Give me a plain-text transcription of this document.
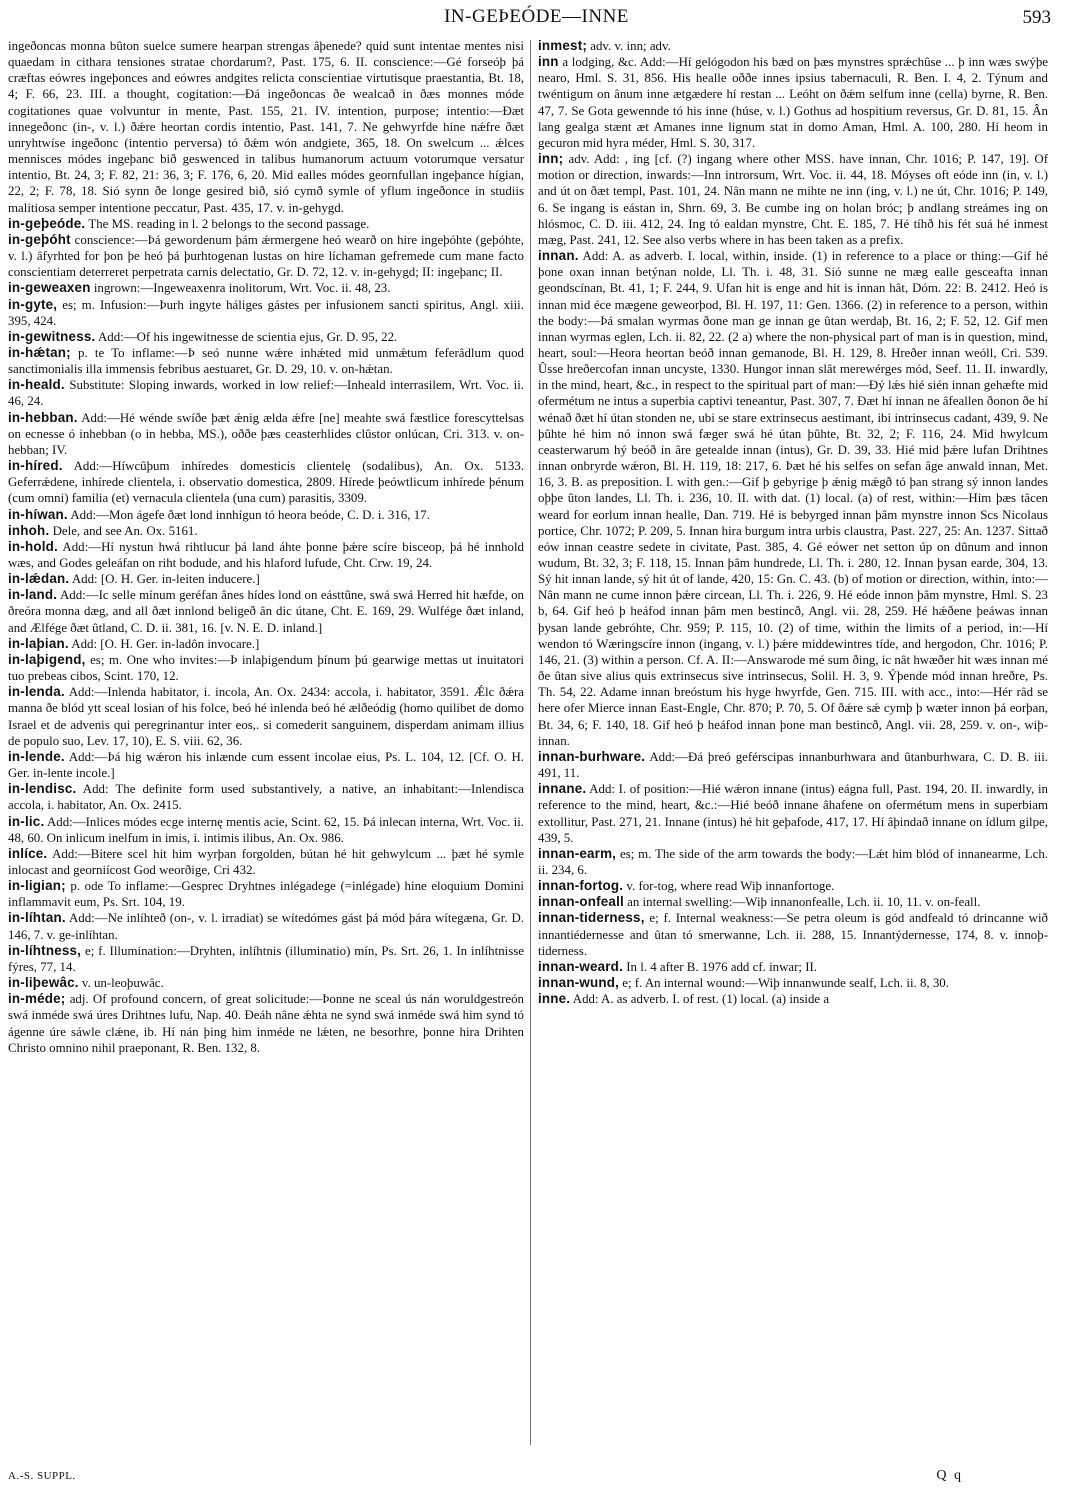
IN-GEÞEÓDE—INNE	593

ingeðoncas monna bûton suelce sumere hearpan strengas âþenede? quid sunt intentae mentes nisi quaedam in cithara tensiones stratae chordarum?, Past. 175, 6. II. conscience:—Gé forseóþ þá cræftas eówres ingeþonces and eówres andgites relicta conscientiae virtutisque praestantia, Bt. 18, 4; F. 66, 23. III. a thought, cogitation:—Đá ingeðoncas ðe wealcað in ðæs monnes móde cogitationes quae volvuntur in mente, Past. 155, 21. IV. intention, purpose; intentio:—Đæt innegeðonc (in-, v. l.) ðǽre heortan cordis intentio, Past. 141, 7. Ne gehwyrfde hine nǽfre ðæt unryhtwíse ingeðonc (intentio perversa) tó ðǽm wón andgiete, 365, 18. On swelcum ... ǽlces mennisces módes ingeþanc bið geswenced in talibus humanorum actuum votorumque versatur intentio, Bt. 24, 3; F. 82, 21: 36, 3; F. 176, 6, 20. Mid ealles módes geornfullan ingeþance hígian, 22, 2; F. 78, 18. Sió synn ðe longe gesired bið, sió cymð symle of yflum ingeðonce in studiis malitiosa semper intentione peccatur, Past. 435, 17. v. in-gehygd.

in-geþeóde. The MS. reading in l. 2 belongs to the second passage.

in-geþóht conscience:—Þá gewordenum þám ǽrmergene heó wearð on hire ingeþóhte (geþóhte, v. l.) âfyrhted for þon þe heó þá þurhtogenan lustas on hire líchaman gefremede cum mane facto conscientiam deterreret perpetrata carnis delectatio, Gr. D. 72, 12. v. in-gehygd; II: ingeþanc; II.

in-geweaxen ingrown:—Ingeweaxenra inolitorum, Wrt. Voc. ii. 48, 23.

in-gyte, es; m. Infusion:—Þurh ingyte háliges gástes per infusionem sancti spiritus, Angl. xiii. 395, 424.

in-gewitness. Add:—Of his ingewitnesse de scientia ejus, Gr. D. 95, 22.

in-hǽtan; p. te To inflame:—Þ seó nunne wǽre inhǽted mid unmǽtum feferâdlum quod sanctimonialis illa immensis febribus aestuaret, Gr. D. 29, 10. v. on-hǽtan.

in-heald. Substitute: Sloping inwards, worked in low relief:—Inheald interrasilem, Wrt. Voc. ii. 46, 24.

in-hebban. Add:—Hé wénde swíðe þæt ǽnig ælda ǽfre [ne] meahte swá fæstlice forescyttelsas on ecnesse ó inhebban (o in hebba, MS.), oððe þæs ceasterhlides clûstor onlúcan, Cri. 313. v. on-hebban; IV.

in-híred. Add:—Híwcûþum inhíredes domesticis clientelę (sodalibus), An. Ox. 5133. Geferrǽdene, inhírede clientela, i. observatio domestica, 2809. Hírede þeówtlicum inhírede þénum (cum omni) familia (et) vernacula clientela (una cum) parasitis, 3309.

in-híwan. Add:—Mon ágefe ðæt lond innhígun tó heora beóde, C. D. i. 316, 17.

inhoh. Dele, and see An. Ox. 5161.

in-hold. Add:—Hí nystun hwá rihtlucur þá land áhte þonne þǽre scíre bisceop, þá hé innhold wæs, and Godes geleáfan on riht bodude, and his hlaford lufude, Cht. Crw. 19, 24.

in-lǽdan. Add: [O. H. Ger. in-leiten inducere.]

in-land. Add:—Ic selle mínum geréfan ânes hídes lond on eásttûne, swá swá Herred hit hæfde, on ðreóra monna dæg, and all ðæt innlond beligeð ân dic útane, Cht. E. 169, 29. Wulfége ðæt inland, and Ælfége ðæt ûtland, C. D. ii. 381, 16. [v. N. E. D. inland.]

in-laþian. Add: [O. H. Ger. in-ladôn invocare.]

in-laþigend, es; m. One who invites:—Þ inlaþigendum þínum þú gearwige mettas ut inuitatori tuo prebeas cibos, Scint. 170, 12.

in-lenda. Add:—Inlenda habitator, i. incola, An. Ox. 2434: accola, i. habitator, 3591. Ǽlc ðǽra manna ðe blód ytt sceal losian of his folce, beó hé inlenda beó hé ælðeódig (homo quilibet de domo Israel et de advenis qui peregrinantur inter eos,. si comederit sanguinem, disperdam animam illius de populo suo, Lev. 17, 10), E. S. viii. 62, 36.

in-lende. Add:—Þá hig wǽron his inlænde cum essent incolae eius, Ps. L. 104, 12. [Cf. O. H. Ger. in-lente incole.]

in-lendisc. Add: The definite form used substantively, a native, an inhabitant:—Inlendisca accola, i. habitator, An. Ox. 2415.

in-lic. Add:—Inlices módes ecge internę mentis acie, Scint. 62, 15. Þá inlecan interna, Wrt. Voc. ii. 48, 60. On inlicum inelfum in imis, i. intimis ilibus, An. Ox. 986.

inlíce. Add:—Bitere scel hit him wyrþan forgolden, bútan hé hit gehwylcum ... þæt hé symle inlocast and georniícost God weorðige, Cri 432.

in-ligian; p. ode To inflame:—Gesprec Dryhtnes inlégadege (=inlégade) hine eloquium Domini inflammavit eum, Ps. Srt. 104, 19.

in-líhtan. Add:—Ne inlíhteð (on-, v. l. irradiat) se wítedómes gást þá mód þára wítegæna, Gr. D. 146, 7. v. ge-inlíhtan.

in-líhtness, e; f. Illumination:—Dryhten, inlíhtnis (illuminatio) mín, Ps. Srt. 26, 1. In inlíhtnisse fýres, 77, 14.

in-liþewâc. v. un-leoþuwâc.

in-méde; adj. Of profound concern, of great solicitude:—Þonne ne sceal ús nán woruldgestreón swá inméde swá úres Drihtnes lufu, Nap. 40. Ðeáh nâne ǽhta ne synd swá inméde swá him synd tó ágenne úre sáwle clǽne, ib. Hí nán þing him inméde ne lǽten, ne besorhre, þonne hira Drihten Christo omnino nihil praeponant, R. Ben. 132, 8.

inmest; adv. v. inn; adv.

inn a lodging, &c. Add:—Hí gelógodon his bæd on þæs mynstres sprǽchûse ... þ inn wæs swýþe nearo, Hml. S. 31, 856. His healle oððe innes ipsius tabernaculi, R. Ben. I. 4, 2. Týnum and twéntigum on ânum inne ætgædere hí restan ... Leóht on ðǽm selfum inne (cella) byrne, R. Ben. 47, 7. Se Gota gewennde tó his inne (húse, v. l.) Gothus ad hospitium reversus, Gr. D. 81, 15. Ân lang gealga stænt æt Amanes inne lignum stat in domo Aman, Hml. A. 100, 280. Hí heom in gecuron mid hyra méder, Hml. S. 30, 317.

inn; adv. Add: , ing [cf. (?) ingang where other MSS. have innan, Chr. 1016; P. 147, 19]. Of motion or direction, inwards:—Inn introrsum, Wrt. Voc. ii. 44, 18. Móyses oft eóde inn (in, v. l.) and út on ðæt templ, Past. 101, 24. Nân mann ne mihte ne inn (ing, v. l.) ne út, Chr. 1016; P. 149, 6. Se ingang is eástan in, Shrn. 69, 3. Be cumbe ing on holan bróc; þ andlang streámes ing on hlósmoc, C. D. iii. 412, 24. Ing tó ealdan mynstre, Cht. E. 185, 7. Hé tíhð his fét suá hé inmest mæg, Past. 241, 12. See also verbs where in has been taken as a prefix.

innan. Add: A. as adverb. I. local, within, inside. (1) in reference to a place or thing:—Gif hé þone oxan innan betýnan nolde, Ll. Th. i. 48, 31. Sió sunne ne mæg ealle gesceafta innan geondscínan, Bt. 41, 1; F. 244, 9. Ufan hit is enge and hit is innan hât, Dóm. 22: B. 2412. Heó is innan mid éce mægene geweorþod, Bl. H. 197, 11: Gen. 1366. (2) in reference to a person, within the body:—Þá smalan wyrmas ðone man ge innan ge ûtan werdaþ, Bt. 16, 2; F. 52, 12. Gif men innan wyrmas eglen, Lch. ii. 82, 22. (2 a) where the non-physical part of man is in question, mind, heart, soul:—Heora heortan beóð innan gemanode, Bl. H. 129, 8. Hreðer innan weóll, Cri. 539. Ûsse hreðercofan innan uncyste, 1330. Hungor innan slât merewérges mód, Seef. 11. II. inwardly, in the mind, heart, &c., in respect to the spiritual part of man:—Ðý lǽs hié sién innan gehæfte mid ofermétum ne intus a superbia captivi teneantur, Past. 307, 7. Ðæt hí innan ne âfeallen ðonon ðe hí wénað ðæt hí útan stonden ne, ubi se stare extrinsecus aestimant, ibi intrinsecus cadant, 439, 9. Ne þûhte hé him nó innon swá fæger swá hé útan þûhte, Bt. 32, 2; F. 116, 24. Mid hwylcum ceasterwarum hý beóð in âre getealde innan (intus), Gr. D. 39, 33. Hié mid þǽre lufan Drihtnes innan onbryrde wǽron, Bl. H. 119, 18: 217, 6. Þæt hé his selfes on sefan âge anwald innan, Met. 16, 3. B. as preposition. I. with gen.:—Gif þ gebyrige þ ǽnig mǽgð tó þan strang sý innon landes oþþe ûton landes, Ll. Th. i. 236, 10. II. with dat. (1) local. (a) of rest, within:—Him þæs tâcen weard for eorlum innan healle, Dan. 719. Hé is bebyrged innan þâm mynstre innon Scs Nicolaus portice, Chr. 1072; P. 209, 5. Innan hira burgum intra urbis claustra, Past. 227, 25: An. 1237. Sittað eów innan ceastre sedete in civitate, Past. 385, 4. Gé eówer net setton úp on dûnum and innon wudum, Bt. 32, 3; F. 118, 15. Innan þâm hundrede, Ll. Th. i. 280, 12. Innan þysan earde, 304, 13. Sý hit innan lande, sý hit út of lande, 420, 15: Gn. C. 43. (b) of motion or direction, within, into:—Nân mann ne cume innon þǽre circean, Ll. Th. i. 226, 9. Hé eóde innon þâm mynstre, Hml. S. 23 b, 64. Gif heó þ heáfod innan þâm men bestincð, Angl. vii. 28, 259. Hé hǽðene þeáwas innan þysan lande gebróhte, Chr. 959; P. 115, 10. (2) of time, within the limits of a period, in:—Hí wendon tó Wæringscíre innon (ingang, v. l.) þǽre middewintres tíde, and hergodon, Chr. 1016; P. 146, 21. (3) within a person. Cf. A. II:—Answarode mé sum ðing, ic nât hwæðer hit wæs innan mé ðe ûtan sive alius quis extrinsecus sive intrinsecus, Solil. H. 3, 9. Ýþende mód innan hreðre, Ps. Th. 54, 22. Adame innan breóstum his hyge hwyrfde, Gen. 715. III. with acc., into:—Hér râd se here ofer Mierce innan East-Engle, Chr. 870; P. 70, 5. Of ðǽre sǽ cymþ þ wæter innon þá eorþan, Bt. 34, 6; F. 140, 18. Gif heó þ heáfod innan þone man bestincð, Angl. vii. 28, 259. v. on-, wiþ-innan.

innan-burhware. Add:—Đá þreó geférscipas innanburhwara and ûtanburhwara, C. D. B. iii. 491, 11.

innane. Add: I. of position:—Hié wǽron innane (intus) eágna full, Past. 194, 20. II. inwardly, in reference to the mind, heart, &c.:—Hié beóð innane âhafene on ofermétum mens in superbiam extollitur, Past. 271, 21. Innane (intus) hé hit geþafode, 417, 17. Hí âþindað innane on ídlum gilpe, 439, 5.

innan-earm, es; m. The side of the arm towards the body:—Lǽt him blód of innanearme, Lch. ii. 234, 6.

innan-fortog. v. for-tog, where read Wiþ innanfortoge.

innan-onfeall an internal swelling:—Wiþ innanonfealle, Lch. ii. 10, 11. v. on-feall.

innan-tiderness, e; f. Internal weakness:—Se petra oleum is gód andfeald tó drincanne wið innantiédernesse and ûtan tó smerwanne, Lch. ii. 288, 15. Innantýdernesse, 174, 8. v. innoþ-tiderness.

innan-weard. In l. 4 after B. 1976 add cf. inwar; II.

innan-wund, e; f. An internal wound:—Wiþ innanwunde sealf, Lch. ii. 8, 30.

inne. Add: A. as adverb. I. of rest. (1) local. (a) inside a

A.-S. SUPPL.	Q q
